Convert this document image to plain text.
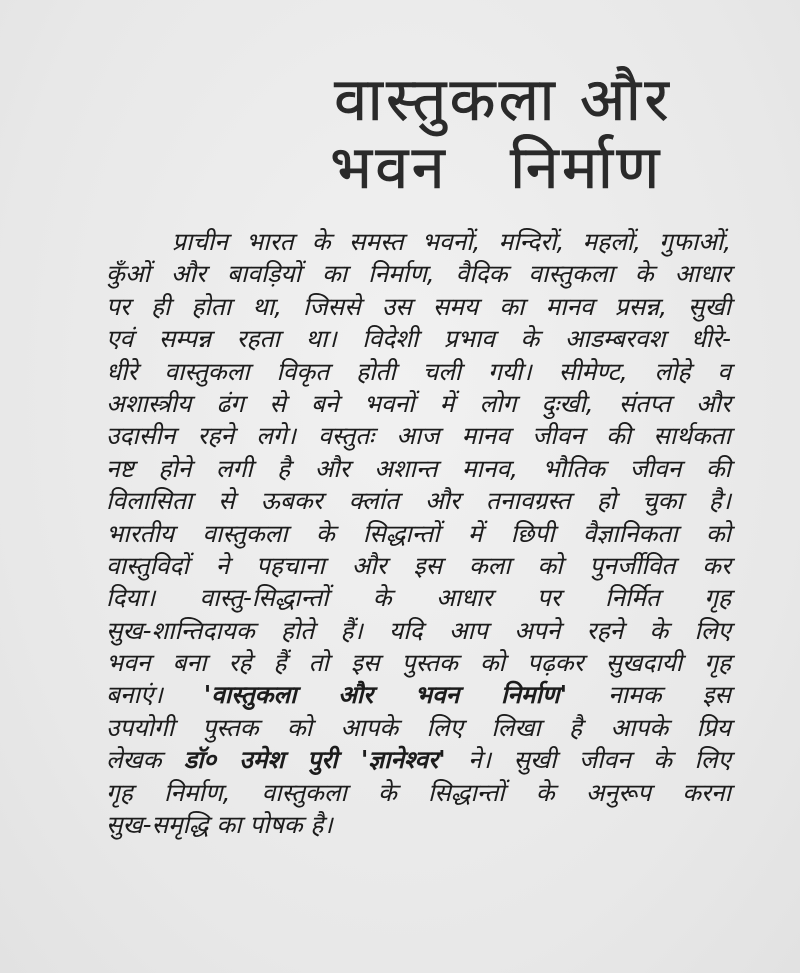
वास्तुकला और
भवन निर्माण
प्राचीन भारत के समस्त भवनों, मन्दिरों, महलों, गुफाओं,
कुँओं और बावड़ियों का निर्माण, वैदिक वास्तुकला के आधार
पर ही होता था, जिससे उस समय का मानव प्रसन्न, सुखी
एवं सम्पन्न रहता था। विदेशी प्रभाव के आडम्बरवश धीरे-
धीरे वास्तुकला विकृत होती चली गयी। सीमेण्ट, लोहे व
अशास्त्रीय ढंग से बने भवनों में लोग दुःखी, संतप्त और
उदासीन रहने लगे। वस्तुतः आज मानव जीवन की सार्थकता
नष्ट होने लगी है और अशान्त मानव, भौतिक जीवन की
विलासिता से ऊबकर क्लांत और तनावग्रस्त हो चुका है।
भारतीय वास्तुकला के सिद्धान्तों में छिपी वैज्ञानिकता को
वास्तुविदों ने पहचाना और इस कला को पुनर्जीवित कर
दिया। वास्तु-सिद्धान्तों के आधार पर निर्मित गृह
सुख-शान्तिदायक होते हैं। यदि आप अपने रहने के लिए
भवन बना रहे हैं तो इस पुस्तक को पढ़कर सुखदायी गृह
बनाएं। 'वास्तुकला और भवन निर्माण' नामक इस
उपयोगी पुस्तक को आपके लिए लिखा है आपके प्रिय
लेखक डॉ० उमेश पुरी 'ज्ञानेश्वर' ने। सुखी जीवन के लिए
गृह निर्माण, वास्तुकला के सिद्धान्तों के अनुरूप करना
सुख-समृद्धि का पोषक है।
